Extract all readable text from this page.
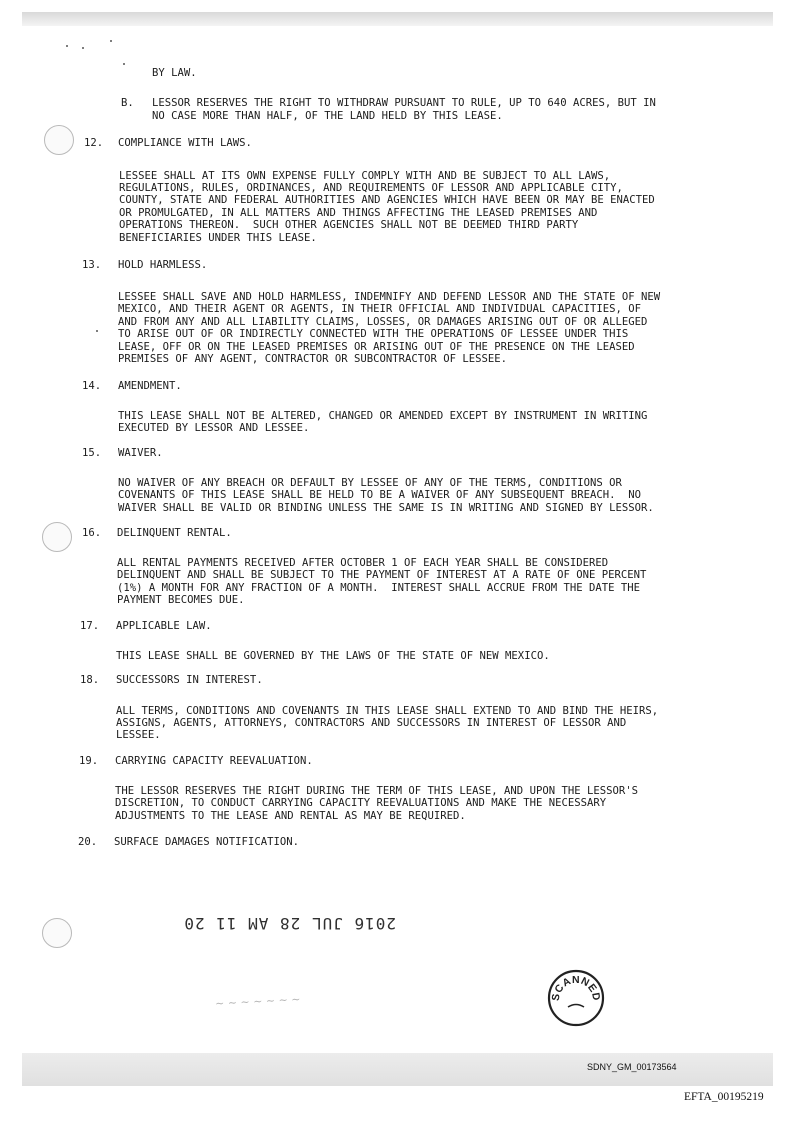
BY LAW.
B. LESSOR RESERVES THE RIGHT TO WITHDRAW PURSUANT TO RULE, UP TO 640 ACRES, BUT IN
NO CASE MORE THAN HALF, OF THE LAND HELD BY THIS LEASE.
12. COMPLIANCE WITH LAWS.
LESSEE SHALL AT ITS OWN EXPENSE FULLY COMPLY WITH AND BE SUBJECT TO ALL LAWS,
REGULATIONS, RULES, ORDINANCES, AND REQUIREMENTS OF LESSOR AND APPLICABLE CITY,
COUNTY, STATE AND FEDERAL AUTHORITIES AND AGENCIES WHICH HAVE BEEN OR MAY BE ENACTED
OR PROMULGATED, IN ALL MATTERS AND THINGS AFFECTING THE LEASED PREMISES AND
OPERATIONS THEREON.  SUCH OTHER AGENCIES SHALL NOT BE DEEMED THIRD PARTY
BENEFICIARIES UNDER THIS LEASE.
13. HOLD HARMLESS.
LESSEE SHALL SAVE AND HOLD HARMLESS, INDEMNIFY AND DEFEND LESSOR AND THE STATE OF NEW
MEXICO, AND THEIR AGENT OR AGENTS, IN THEIR OFFICIAL AND INDIVIDUAL CAPACITIES, OF
AND FROM ANY AND ALL LIABILITY CLAIMS, LOSSES, OR DAMAGES ARISING OUT OF OR ALLEGED
TO ARISE OUT OF OR INDIRECTLY CONNECTED WITH THE OPERATIONS OF LESSEE UNDER THIS
LEASE, OFF OR ON THE LEASED PREMISES OR ARISING OUT OF THE PRESENCE ON THE LEASED
PREMISES OF ANY AGENT, CONTRACTOR OR SUBCONTRACTOR OF LESSEE.
14. AMENDMENT.
THIS LEASE SHALL NOT BE ALTERED, CHANGED OR AMENDED EXCEPT BY INSTRUMENT IN WRITING
EXECUTED BY LESSOR AND LESSEE.
15. WAIVER.
NO WAIVER OF ANY BREACH OR DEFAULT BY LESSEE OF ANY OF THE TERMS, CONDITIONS OR
COVENANTS OF THIS LEASE SHALL BE HELD TO BE A WAIVER OF ANY SUBSEQUENT BREACH.  NO
WAIVER SHALL BE VALID OR BINDING UNLESS THE SAME IS IN WRITING AND SIGNED BY LESSOR.
16. DELINQUENT RENTAL.
ALL RENTAL PAYMENTS RECEIVED AFTER OCTOBER 1 OF EACH YEAR SHALL BE CONSIDERED
DELINQUENT AND SHALL BE SUBJECT TO THE PAYMENT OF INTEREST AT A RATE OF ONE PERCENT
(1%) A MONTH FOR ANY FRACTION OF A MONTH.  INTEREST SHALL ACCRUE FROM THE DATE THE
PAYMENT BECOMES DUE.
17. APPLICABLE LAW.
THIS LEASE SHALL BE GOVERNED BY THE LAWS OF THE STATE OF NEW MEXICO.
18. SUCCESSORS IN INTEREST.
ALL TERMS, CONDITIONS AND COVENANTS IN THIS LEASE SHALL EXTEND TO AND BIND THE HEIRS,
ASSIGNS, AGENTS, ATTORNEYS, CONTRACTORS AND SUCCESSORS IN INTEREST OF LESSOR AND
LESSEE.
19. CARRYING CAPACITY REEVALUATION.
THE LESSOR RESERVES THE RIGHT DURING THE TERM OF THIS LEASE, AND UPON THE LESSOR'S
DISCRETION, TO CONDUCT CARRYING CAPACITY REEVALUATIONS AND MAKE THE NECESSARY
ADJUSTMENTS TO THE LEASE AND RENTAL AS MAY BE REQUIRED.
20. SURFACE DAMAGES NOTIFICATION.
2016 JUL 28 AM 11 20
~ ~ ~ ~ ~ ~ ~	SCANNED
SDNY_GM_00173564
EFTA_00195219
